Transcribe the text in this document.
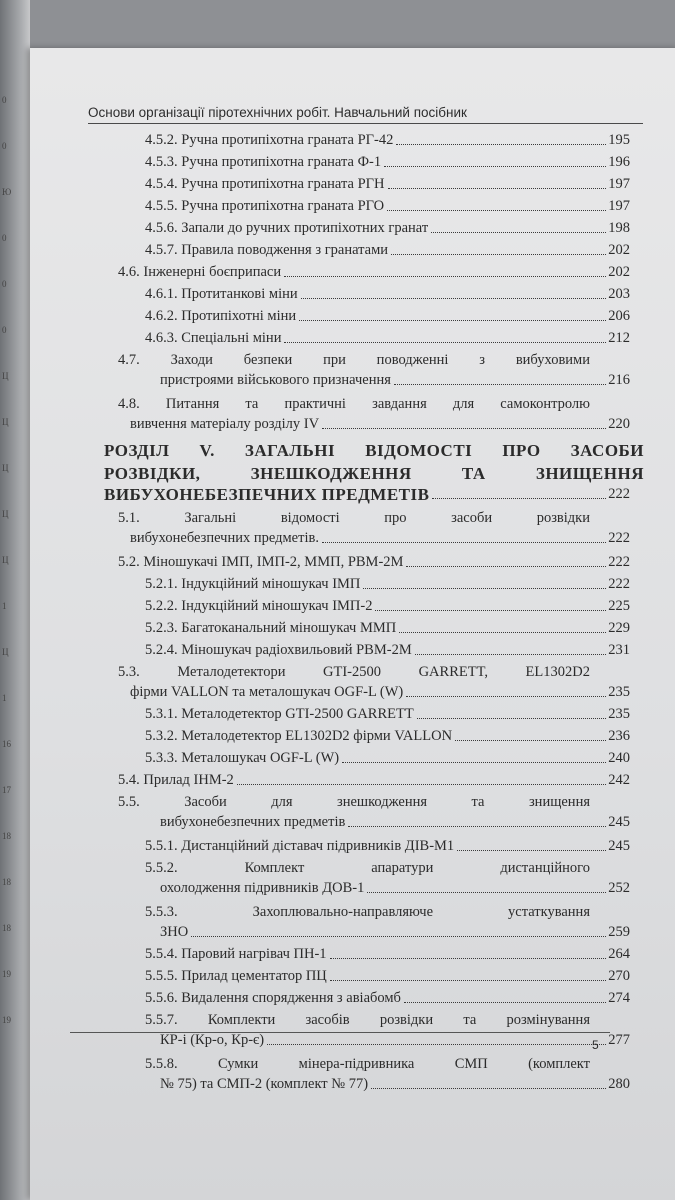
0
0
Ю
0
0
0
Ц
Ц
Ц
Ц
Ц
1
Ц
1
16
17
18
18
18
19
19
Основи організації піротехнічних робіт. Навчальний посібник
4.5.2. Ручна протипіхотна граната РГ-42	195
4.5.3. Ручна протипіхотна граната Ф-1	196
4.5.4. Ручна протипіхотна граната РГН	197
4.5.5. Ручна протипіхотна граната РГО	197
4.5.6. Запали до ручних протипіхотних гранат	198
4.5.7. Правила поводження з гранатами	202
4.6. Інженерні боєприпаси	202
4.6.1. Протитанкові міни	203
4.6.2. Протипіхотні міни	206
4.6.3. Спеціальні міни	212
4.7. Заходи безпеки при поводженні з вибуховими
пристроями військового призначення	216
4.8. Питання та практичні завдання для самоконтролю
вивчення матеріалу розділу IV	220
РОЗДІЛ V. ЗАГАЛЬНІ ВІДОМОСТІ ПРО ЗАСОБИ
РОЗВІДКИ, ЗНЕШКОДЖЕННЯ ТА ЗНИЩЕННЯ
ВИБУХОНЕБЕЗПЕЧНИХ ПРЕДМЕТІВ	222
5.1. Загальні відомості про засоби розвідки
вибухонебезпечних предметів.	222
5.2. Міношукачі ІМП, ІМП-2, ММП, РВМ-2М	222
5.2.1. Індукційний міношукач ІМП	222
5.2.2. Індукційний міношукач ІМП-2	225
5.2.3. Багатоканальний міношукач ММП	229
5.2.4. Міношукач радіохвильовий РВМ-2М	231
5.3. Металодетектори GTI-2500 GARRETT, EL1302D2
фірми VALLON та металошукач OGF-L (W)	235
5.3.1. Металодетектор GTI-2500 GARRETT	235
5.3.2. Металодетектор EL1302D2 фірми VALLON	236
5.3.3. Металошукач OGF-L (W)	240
5.4. Прилад ІНМ-2	242
5.5. Засоби для знешкодження та знищення
вибухонебезпечних предметів	245
5.5.1. Дистанційний діставач підривників ДІВ-М1	245
5.5.2. Комплект апаратури дистанційного
охолодження підривників ДОВ-1	252
5.5.3. Захоплювально-направляюче устаткування
ЗНО	259
5.5.4. Паровий нагрівач ПН-1	264
5.5.5. Прилад цементатор ПЦ	270
5.5.6. Видалення спорядження з авіабомб	274
5.5.7. Комплекти засобів розвідки та розмінування
КР-і (Кр-о, Кр-є)	277
5.5.8. Сумки мінера-підривника СМП (комплект
№ 75) та СМП-2 (комплект № 77)	280
5
